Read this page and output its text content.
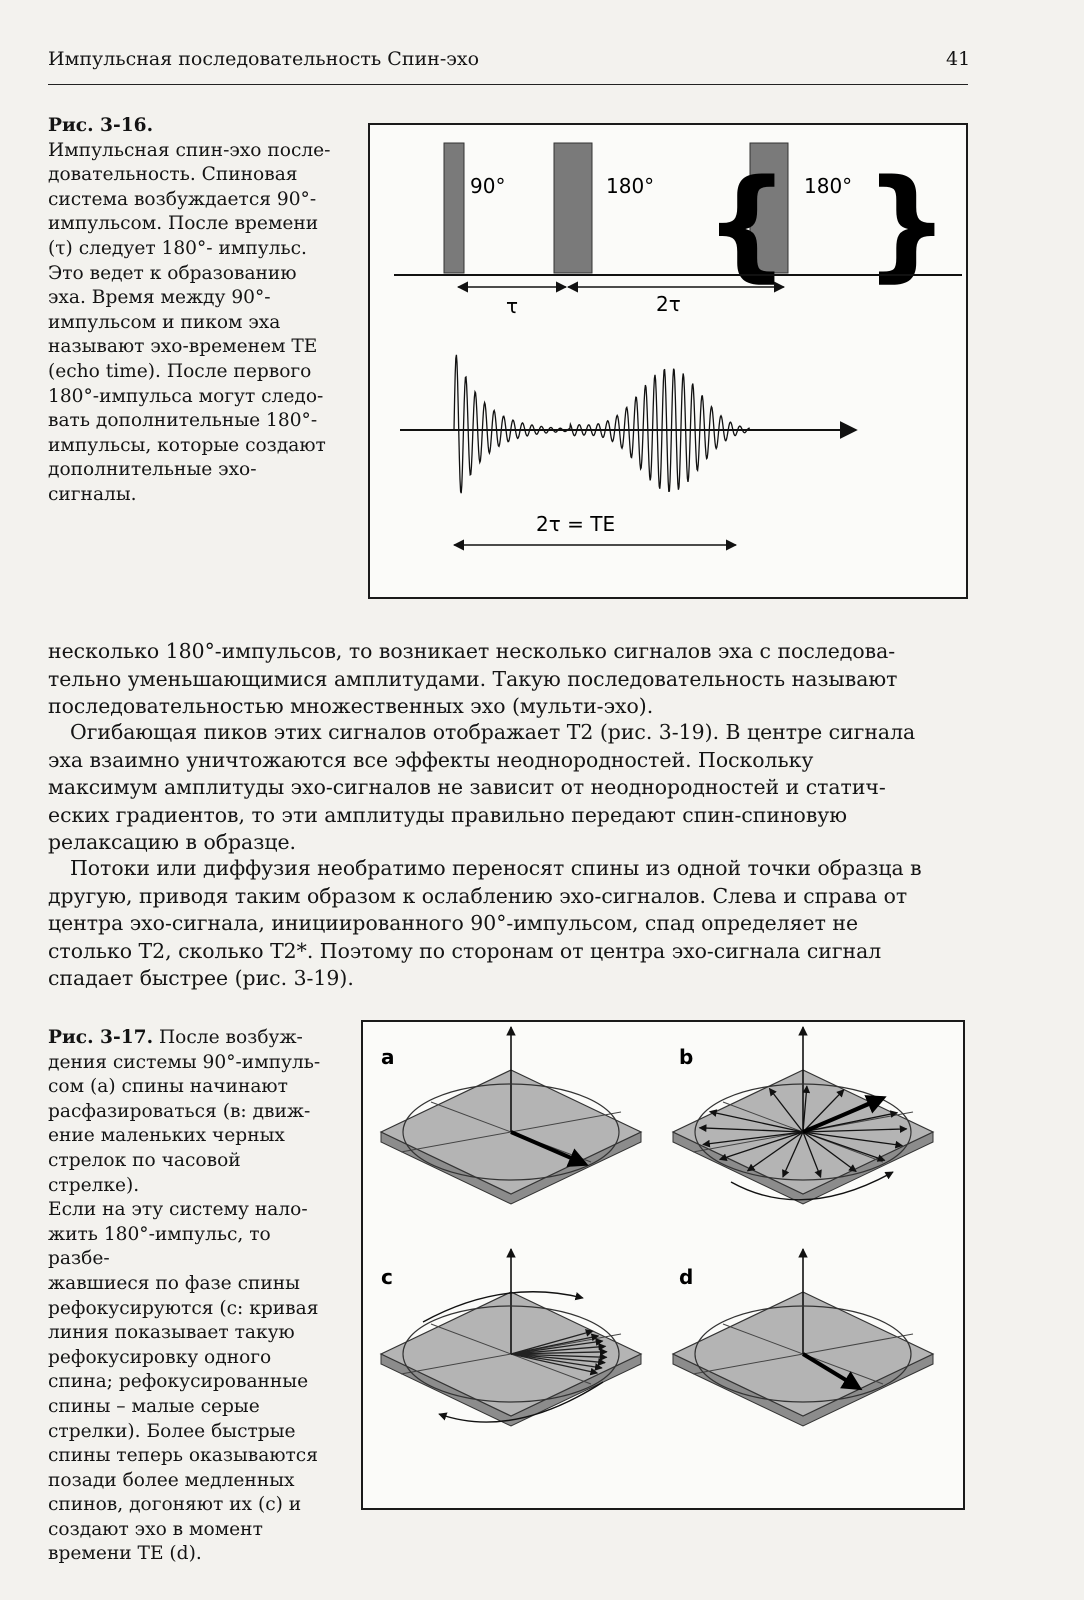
Импульсная последовательность Спин-эхо	41
Рис. 3-16.
Импульсная спин-эхо после-
довательность. Спиновая
система возбуждается 90°-
импульсом. После времени
(τ) следует 180°- импульс.
Это ведет к образованию
эха. Время между 90°-
импульсом и пиком эха
называют эхо-временем TE
(echo time). После первого
180°-импульса могут следо-
вать дополнительные 180°-
импульсы, которые создают
дополнительные эхо-
сигналы.
90°	180°	180°
{ }
τ	2τ
2τ = TE
несколько 180°-импульсов, то возникает несколько сигналов эха с последова-
тельно уменьшающимися амплитудами. Такую последовательность называют
последовательностью множественных эхо (мульти-эхо).
Огибающая пиков этих сигналов отображает T2 (рис. 3-19). В центре сигнала
эха взаимно уничтожаются все эффекты неоднородностей. Поскольку
максимум амплитуды эхо-сигналов не зависит от неоднородностей и статич-
еских градиентов, то эти амплитуды правильно передают спин-спиновую
релаксацию в образце.
Потоки или диффузия необратимо переносят спины из одной точки образца в
другую, приводя таким образом к ослаблению эхо-сигналов. Слева и справа от
центра эхо-сигнала, инициированного 90°-импульсом, спад определяет не
столько T2, сколько T2*. Поэтому по сторонам от центра эхо-сигнала сигнал
спадает быстрее (рис. 3-19).
Рис. 3-17. После возбуж-
дения системы 90°-импуль-
сом (a) спины начинают
расфазироваться (в: движ-
ение маленьких черных
стрелок по часовой стрелке).
Если на эту систему нало-
жить 180°-импульс, то разбе-
жавшиеся по фазе спины
рефокусируются (c: кривая
линия показывает такую
рефокусировку одного
спина; рефокусированные
спины – малые серые
стрелки). Более быстрые
спины теперь оказываются
позади более медленных
спинов, догоняют их (c) и
создают эхо в момент
времени TE (d).
a	b
c	d
